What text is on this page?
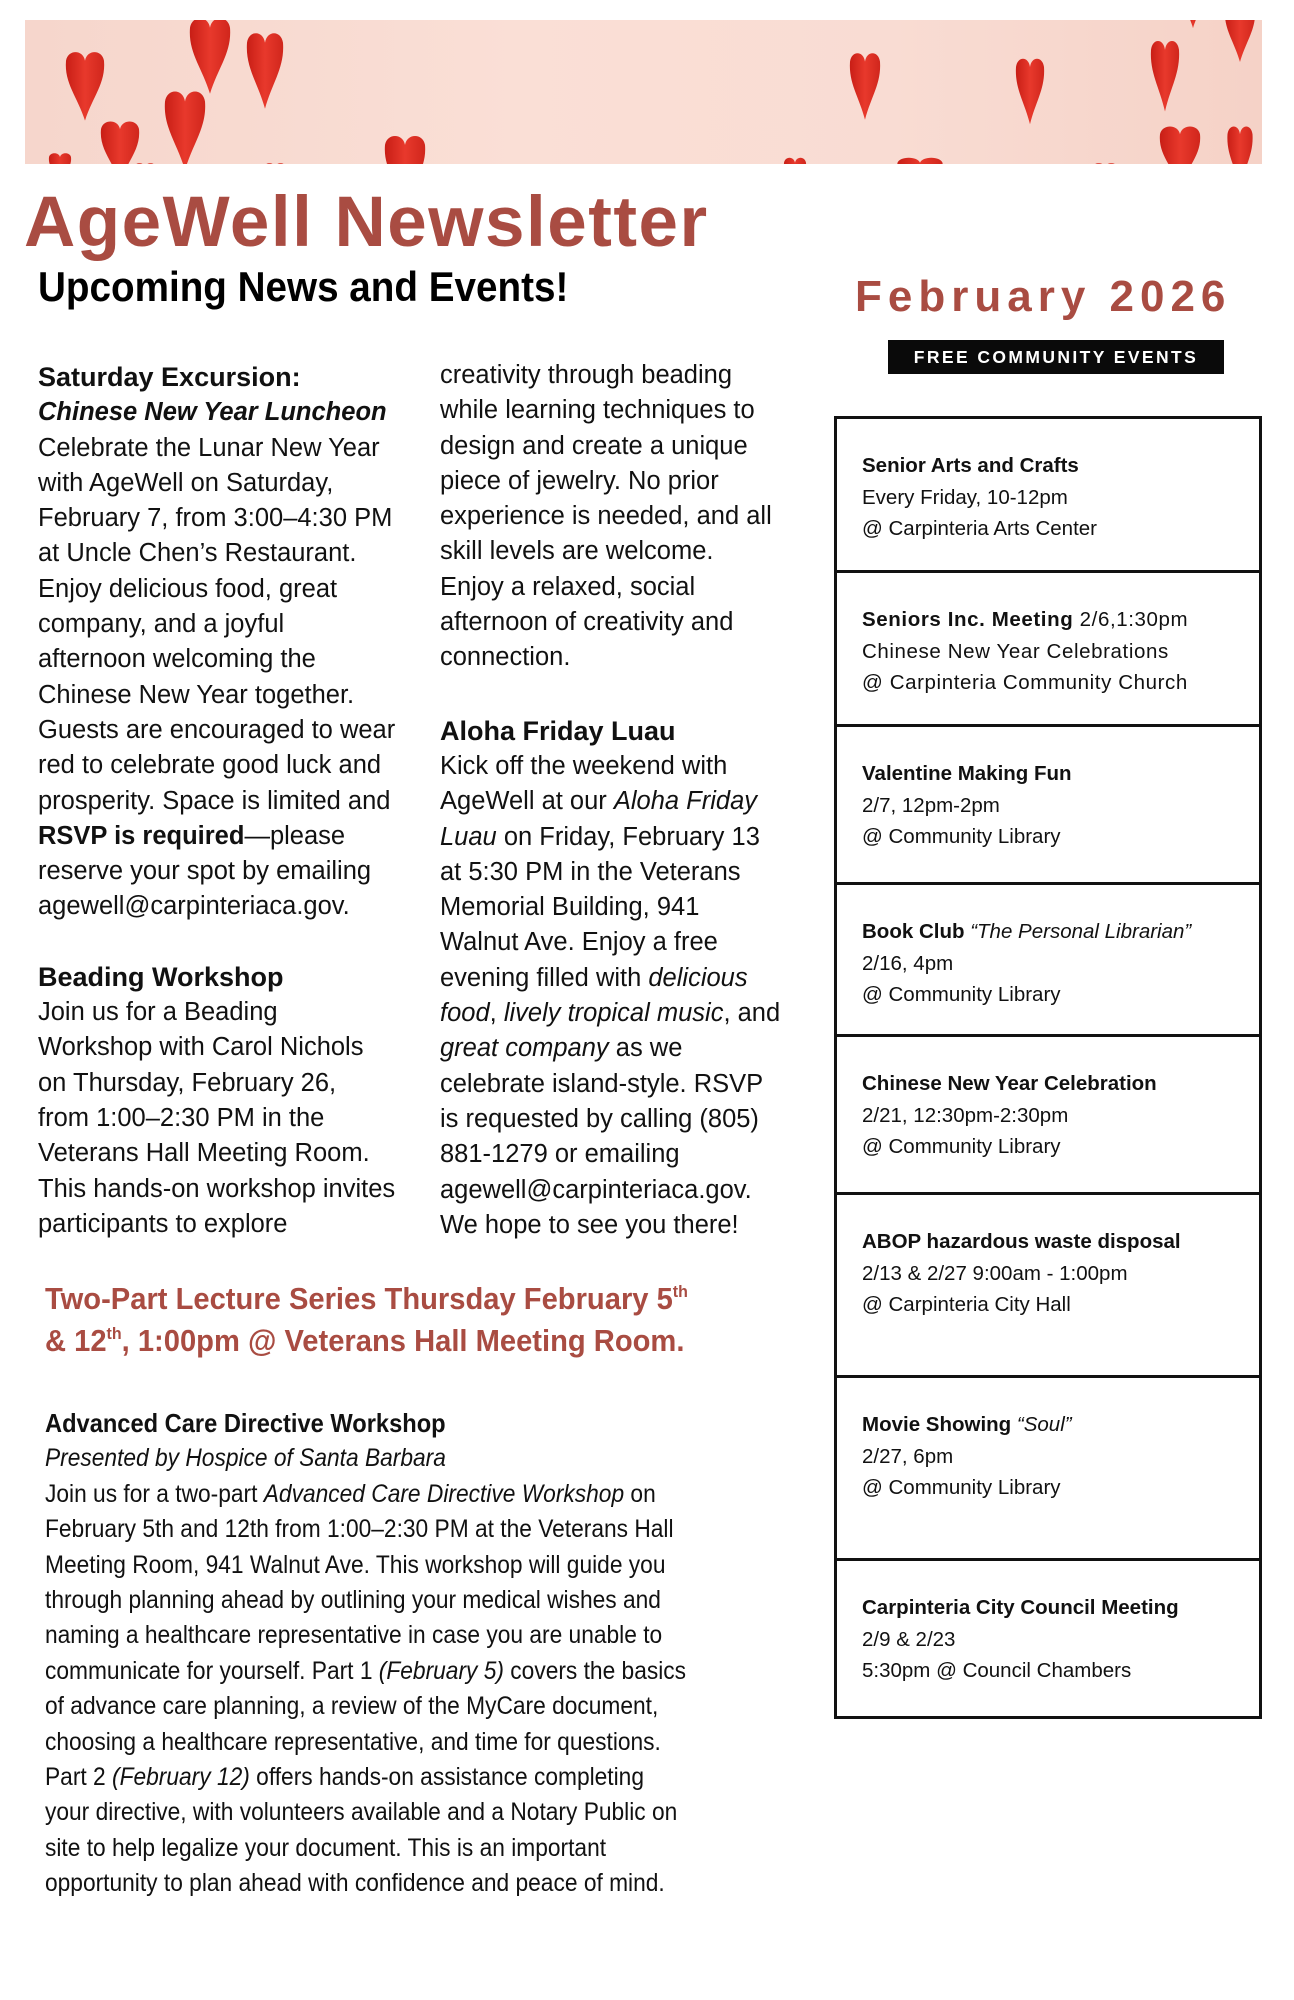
AgeWell Newsletter
Upcoming News and Events!	February 2026
FREE COMMUNITY EVENTS

Saturday Excursion:

Chinese New Year Luncheon

Celebrate the Lunar New Year

with AgeWell on Saturday,

February 7, from 3:00–4:30 PM

at Uncle Chen’s Restaurant.

Enjoy delicious food, great

company, and a joyful

afternoon welcoming the

Chinese New Year together.

Guests are encouraged to wear

red to celebrate good luck and

prosperity. Space is limited and

RSVP is required—please

reserve your spot by emailing

agewell@carpinteriaca.gov.

Beading Workshop

Join us for a Beading

Workshop with Carol Nichols

on Thursday, February 26,

from 1:00–2:30 PM in the

Veterans Hall Meeting Room.

This hands-on workshop invites

participants to explore

creativity through beading

while learning techniques to

design and create a unique

piece of jewelry. No prior

experience is needed, and all

skill levels are welcome.

Enjoy a relaxed, social

afternoon of creativity and

connection.

Aloha Friday Luau

Kick off the weekend with

AgeWell at our Aloha Friday

Luau on Friday, February 13

at 5:30 PM in the Veterans

Memorial Building, 941

Walnut Ave. Enjoy a free

evening filled with delicious

food, lively tropical music, and

great company as we

celebrate island-style. RSVP

is requested by calling (805)

881-1279 or emailing

agewell@carpinteriaca.gov.

We hope to see you there!

Two-Part Lecture Series Thursday February 5th
& 12th, 1:00pm @ Veterans Hall Meeting Room.

Advanced Care Directive Workshop

Presented by Hospice of Santa Barbara

Join us for a two-part Advanced Care Directive Workshop on

February 5th and 12th from 1:00–2:30 PM at the Veterans Hall

Meeting Room, 941 Walnut Ave. This workshop will guide you

through planning ahead by outlining your medical wishes and

naming a healthcare representative in case you are unable to

communicate for yourself. Part 1 (February 5) covers the basics

of advance care planning, a review of the MyCare document,

choosing a healthcare representative, and time for questions.

Part 2 (February 12) offers hands-on assistance completing

your directive, with volunteers available and a Notary Public on

site to help legalize your document. This is an important

opportunity to plan ahead with confidence and peace of mind.

Senior Arts and Crafts
Every Friday, 10-12pm
@ Carpinteria Arts Center
Seniors Inc. Meeting 2/6,1:30pm
Chinese New Year Celebrations
@ Carpinteria Community Church
Valentine Making Fun
2/7, 12pm-2pm
@ Community Library
Book Club “The Personal Librarian”
2/16, 4pm
@ Community Library
Chinese New Year Celebration
2/21, 12:30pm-2:30pm
@ Community Library
ABOP hazardous waste disposal
2/13 & 2/27 9:00am - 1:00pm
@ Carpinteria City Hall
Movie Showing “Soul”
2/27, 6pm
@ Community Library
Carpinteria City Council Meeting
2/9 & 2/23
5:30pm @ Council Chambers
